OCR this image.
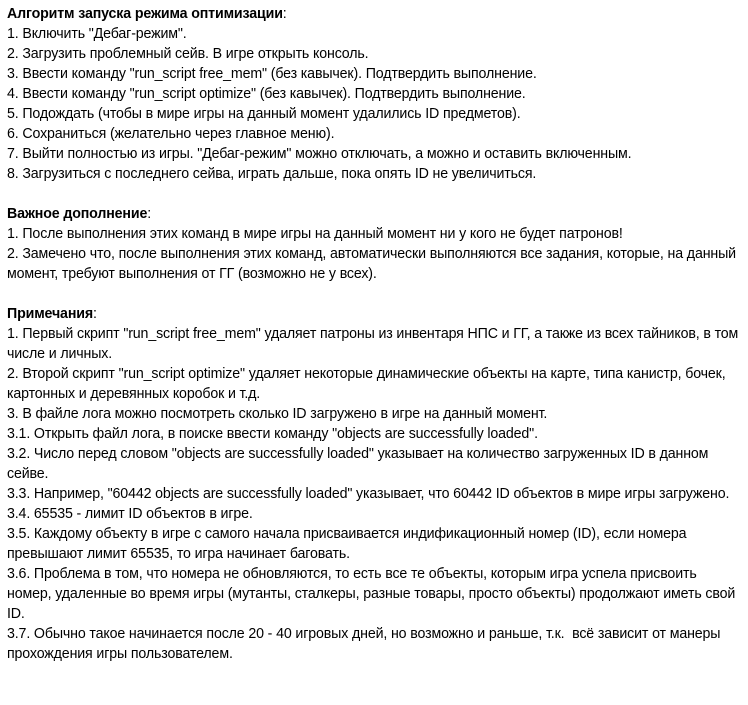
Алгоритм запуска режима оптимизации:

1. Включить "Дебаг-режим".

2. Загрузить проблемный сейв. В игре открыть консоль.

3. Ввести команду "run_script free_mem" (без кавычек). Подтвердить выполнение.

4. Ввести команду "run_script optimize" (без кавычек). Подтвердить выполнение.

5. Подождать (чтобы в мире игры на данный момент удалились ID предметов).

6. Сохраниться (желательно через главное меню).

7. Выйти полностью из игры. "Дебаг-режим" можно отключать, а можно и оставить включенным.

8. Загрузиться с последнего сейва, играть дальше, пока опять ID не увеличиться.

Важное дополнение:

1. После выполнения этих команд в мире игры на данный момент ни у кого не будет патронов!

2. Замечено что, после выполнения этих команд, автоматически выполняются все задания, которые, на данный момент, требуют выполнения от ГГ (возможно не у всех).

Примечания:

1. Первый скрипт "run_script free_mem" удаляет патроны из инвентаря НПС и ГГ, а также из всех тайников, в том числе и личных.

2. Второй скрипт "run_script optimize" удаляет некоторые динамические объекты на карте, типа канистр, бочек, картонных и деревянных коробок и т.д.

3. В файле лога можно посмотреть сколько ID загружено в игре на данный момент.

3.1. Открыть файл лога, в поиске ввести команду "objects are successfully loaded".

3.2. Число перед словом "objects are successfully loaded" указывает на количество загруженных ID в данном сейве.

3.3. Например, "60442 objects are successfully loaded" указывает, что 60442 ID объектов в мире игры загружено.

3.4. 65535 - лимит ID объектов в игре.

3.5. Каждому объекту в игре с самого начала присваивается индификационный номер (ID), если номера превышают лимит 65535, то игра начинает баговать.

3.6. Проблема в том, что номера не обновляются, то есть все те объекты, которым игра успела присвоить номер, удаленные во время игры (мутанты, сталкеры, разные товары, просто объекты) продолжают иметь свой ID.

3.7. Обычно такое начинается после 20 - 40 игровых дней, но возможно и раньше, т.к.  всё зависит от манеры прохождения игры пользователем.
